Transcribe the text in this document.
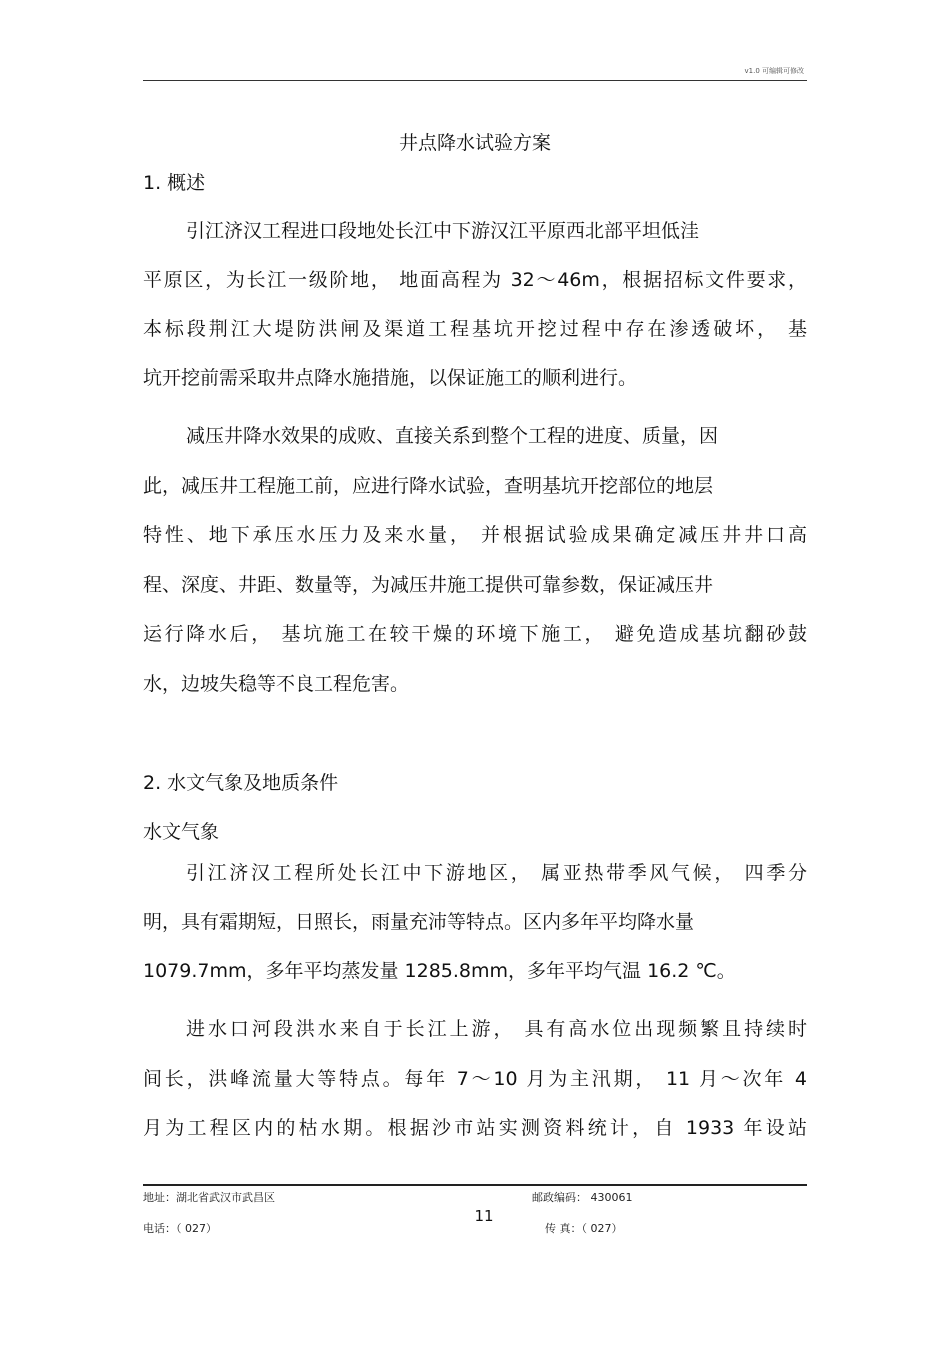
v1.0 可编辑可修改
井点降水试验方案
1. 概述
引江济汉工程进口段地处长江中下游汉江平原西北部平坦低洼
平原区，为长江一级阶地， 地面高程为 32～46m，根据招标文件要求，
本标段荆江大堤防洪闸及渠道工程基坑开挖过程中存在渗透破坏， 基
坑开挖前需采取井点降水施措施，以保证施工的顺利进行。
减压井降水效果的成败、直接关系到整个工程的进度、质量，因
此，减压井工程施工前，应进行降水试验，查明基坑开挖部位的地层
特性、地下承压水压力及来水量， 并根据试验成果确定减压井井口高
程、深度、井距、数量等，为减压井施工提供可靠参数，保证减压井
运行降水后， 基坑施工在较干燥的环境下施工， 避免造成基坑翻砂鼓
水，边坡失稳等不良工程危害。
2. 水文气象及地质条件
水文气象
引江济汉工程所处长江中下游地区， 属亚热带季风气候， 四季分
明，具有霜期短，日照长，雨量充沛等特点。区内多年平均降水量
1079.7mm，多年平均蒸发量 1285.8mm，多年平均气温 16.2 ℃。
进水口河段洪水来自于长江上游， 具有高水位出现频繁且持续时
间长，洪峰流量大等特点。每年 7～10 月为主汛期， 11 月～次年 4
月为工程区内的枯水期。根据沙市站实测资料统计，自 1933 年设站
地址：湖北省武汉市武昌区	邮政编码： 430061
11
电话：（ 027）	传 真：（ 027）
